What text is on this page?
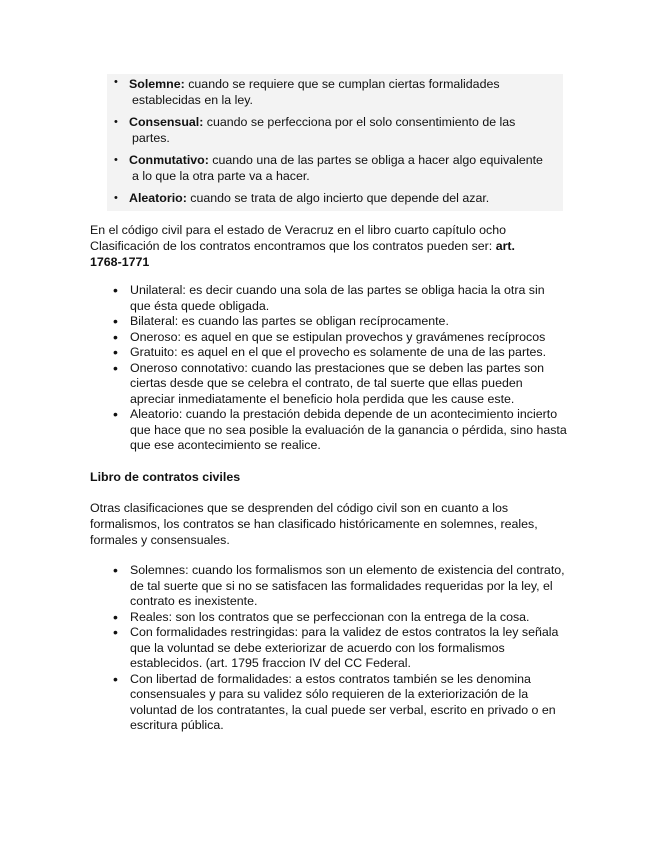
• Solemne: cuando se requiere que se cumplan ciertas formalidades
establecidas en la ley.
• Consensual: cuando se perfecciona por el solo consentimiento de las
partes.
• Conmutativo: cuando una de las partes se obliga a hacer algo equivalente
a lo que la otra parte va a hacer.
• Aleatorio: cuando se trata de algo incierto que depende del azar.
En el código civil para el estado de Veracruz en el libro cuarto capítulo ocho
Clasificación de los contratos encontramos que los contratos pueden ser: art.
1768-1771
• Unilateral: es decir cuando una sola de las partes se obliga hacia la otra sin que ésta quede obligada.
• Bilateral: es cuando las partes se obligan recíprocamente.
• Oneroso: es aquel en que se estipulan provechos y gravámenes recíprocos
• Gratuito: es aquel en el que el provecho es solamente de una de las partes.
• Oneroso connotativo: cuando las prestaciones que se deben las partes son ciertas desde que se celebra el contrato, de tal suerte que ellas pueden apreciar inmediatamente el beneficio hola perdida que les cause este.
• Aleatorio: cuando la prestación debida depende de un acontecimiento incierto que hace que no sea posible la evaluación de la ganancia o pérdida, sino hasta que ese acontecimiento se realice.
Libro de contratos civiles
Otras clasificaciones que se desprenden del código civil son en cuanto a los formalismos, los contratos se han clasificado históricamente en solemnes, reales, formales y consensuales.
• Solemnes: cuando los formalismos son un elemento de existencia del contrato, de tal suerte que si no se satisfacen las formalidades requeridas por la ley, el contrato es inexistente.
• Reales: son los contratos que se perfeccionan con la entrega de la cosa.
• Con formalidades restringidas: para la validez de estos contratos la ley señala que la voluntad se debe exteriorizar de acuerdo con los formalismos establecidos. (art. 1795 fraccion IV del CC Federal.
• Con libertad de formalidades: a estos contratos también se les denomina consensuales y para su validez sólo requieren de la exteriorización de la voluntad de los contratantes, la cual puede ser verbal, escrito en privado o en escritura pública.
